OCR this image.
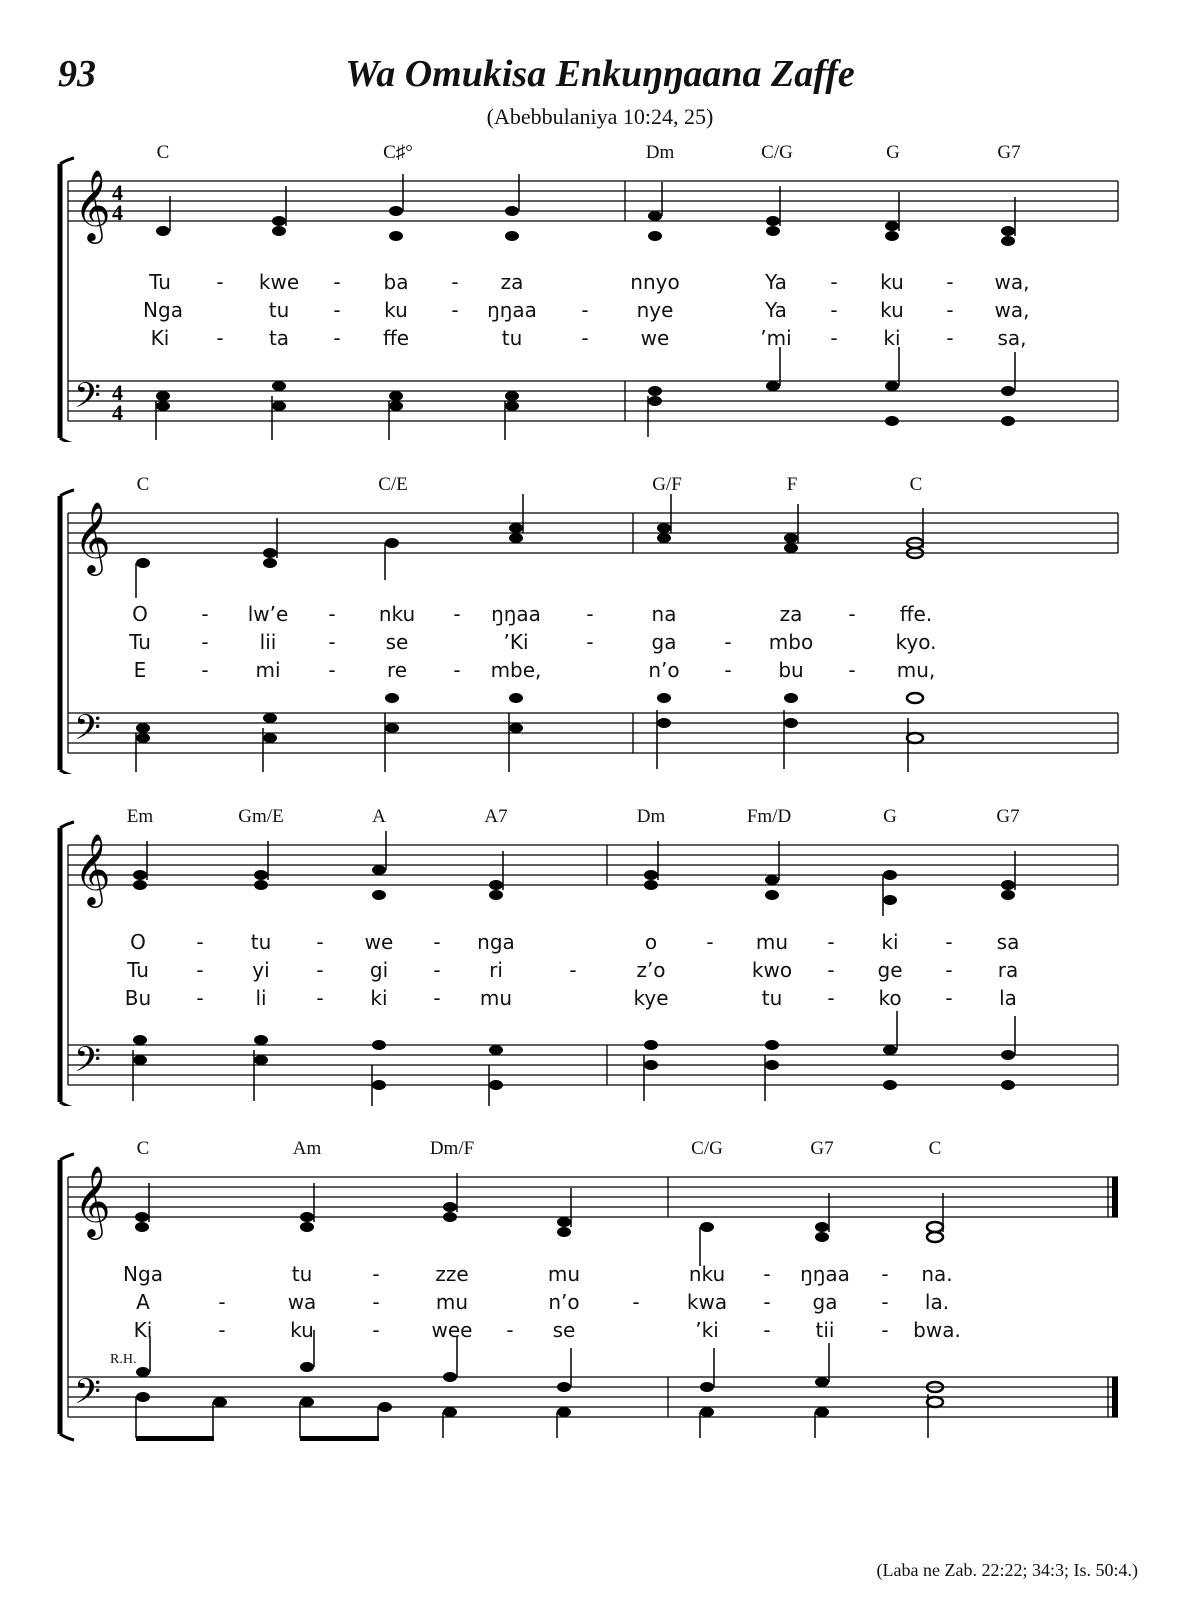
93	Wa Omukisa Enkuŋŋaana Zaffe
(Abebbulaniya 10:24, 25)
𝄞 4
4
𝄢 4
4
C	C♯°	Dm	C/G	G	G7
Tu - kwe - ba - za	nnyo	Ya - ku - wa,
Nga	tu - ku - ŋŋaa - nye	Ya - ku - wa,
Ki - ta - ffe	tu	-	we	’mi - ki - sa,
𝄞
𝄢
C	C/E	G/F	F	C
O	- lw’e - nku - ŋŋaa -	na	za - ffe.
Tu	-	lii	-	se	’Ki	-	ga - mbo	kyo.
E	- mi -	re - mbe,	n’o - bu - mu,
𝄞
𝄢
Em	Gm/E	A	A7	Dm	Fm/D	G	G7
O	- tu - we - nga	o - mu - ki - sa
Tu - yi - gi - ri	-	z’o	kwo - ge - ra
Bu -	li - ki - mu	kye	tu - ko - la
𝄞
𝄢
C	Am	Dm/F	C/G	G7	C
Nga	tu	-	zze	mu	nku - ŋŋaa - na.
A	-	wa	-	mu	n’o	- kwa - ga - la.
Ki	-	ku	-	wee - se	’ki - tii - bwa.
R.H.
(Laba ne Zab. 22:22; 34:3; Is. 50:4.)
